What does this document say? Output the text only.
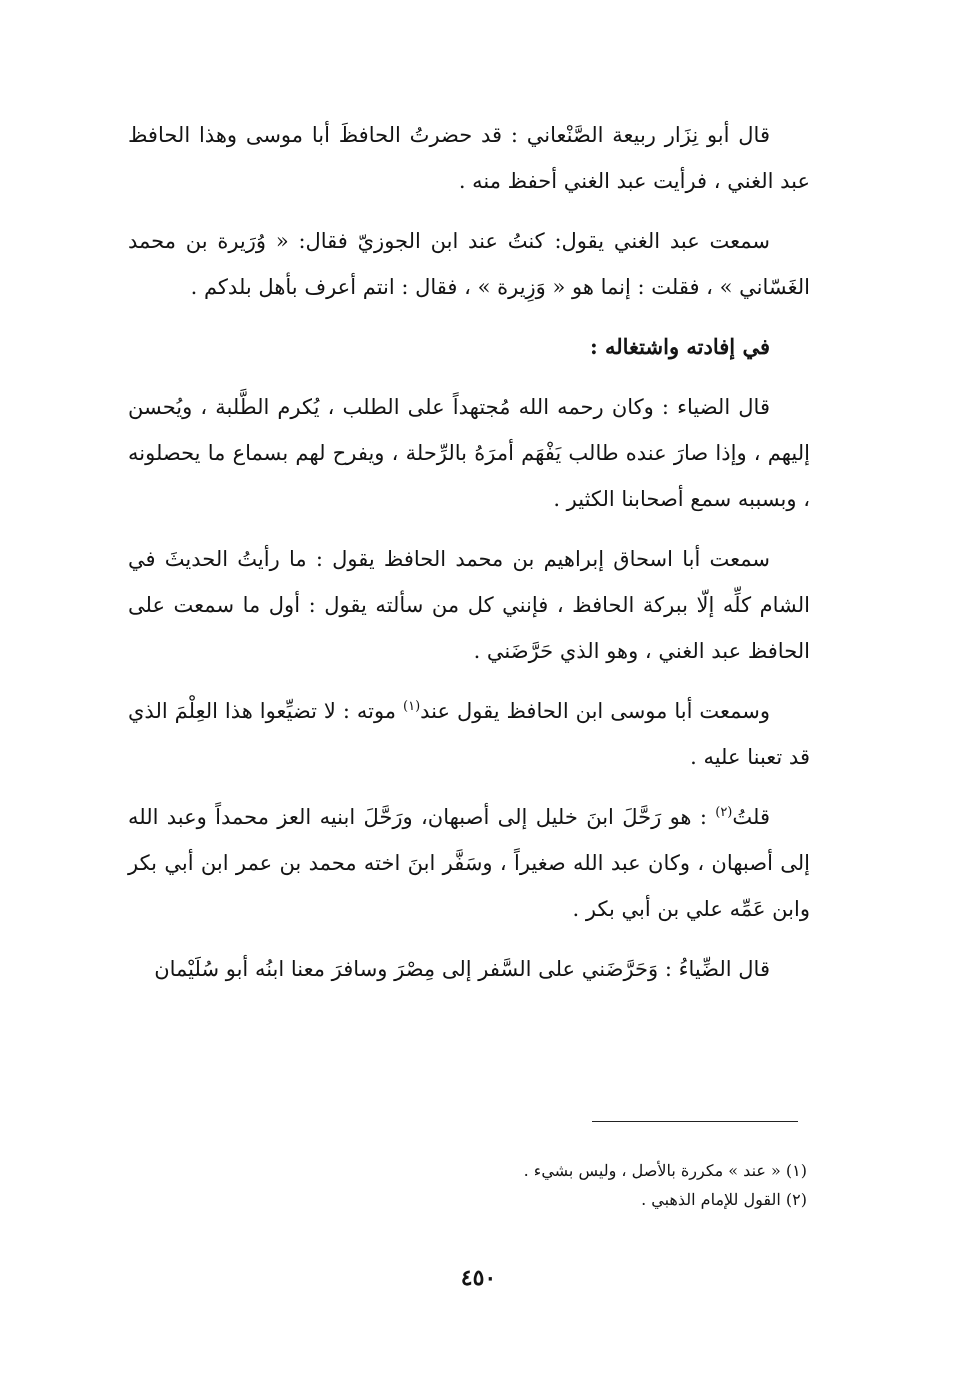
قال أبو نِزَار ربيعة الصَّنْعاني : قد حضرتُ الحافظَ أبا موسى وهذا الحافظ عبد الغني ، فرأيت عبد الغني أحفظ منه .

سمعت عبد الغني يقول: كنتُ عند ابن الجوزيّ فقال: « وُرَيرة بن محمد الغَسّاني » ، فقلت : إنما هو « وَزِيرة » ، فقال : انتم أعرف بأهل بلدكم .

في إفادته واشتغاله :

قال الضياء : وكان رحمه الله مُجتهداً على الطلب ، يُكرم الطَّلبة ، ويُحسن إليهم ، وإذا صارَ عنده طالب يَفْهَم أمرَهُ بالرِّحلة ، ويفرح لهم بسماع ما يحصلونه ، وبسببه سمع أصحابنا الكثير .

سمعت أبا اسحاق إبراهيم بن محمد الحافظ يقول : ما رأيتُ الحديثَ في الشام كلِّه إلّا ببركة الحافظ ، فإنني كل من سألته يقول : أول ما سمعت على الحافظ عبد الغني ، وهو الذي حَرَّضَني .

وسمعت أبا موسى ابن الحافظ يقول عند$^{(١)}$ موته : لا تضيِّعوا هذا العِلْمَ الذي قد تعبنا عليه .

قلتُ$^{(٢)}$ : هو رَحَّلَ ابنَ خليل إلى أصبهان، ورَحَّلَ ابنيه العز محمداً وعبد الله إلى أصبهان ، وكان عبد الله صغيراً ، وسَفَّر ابنَ اخته محمد بن عمر ابن أبي بكر وابن عَمِّه علي بن أبي بكر .

قال الضِّياءُ : وَحَرَّضَني على السَّفر إلى مِصْرَ وسافرَ معنا ابنُه أبو سُلَيْمان

(١) « عند » مكررة بالأصل ، وليس بشيء .

(٢) القول للإمام الذهبي .

٤٥٠
